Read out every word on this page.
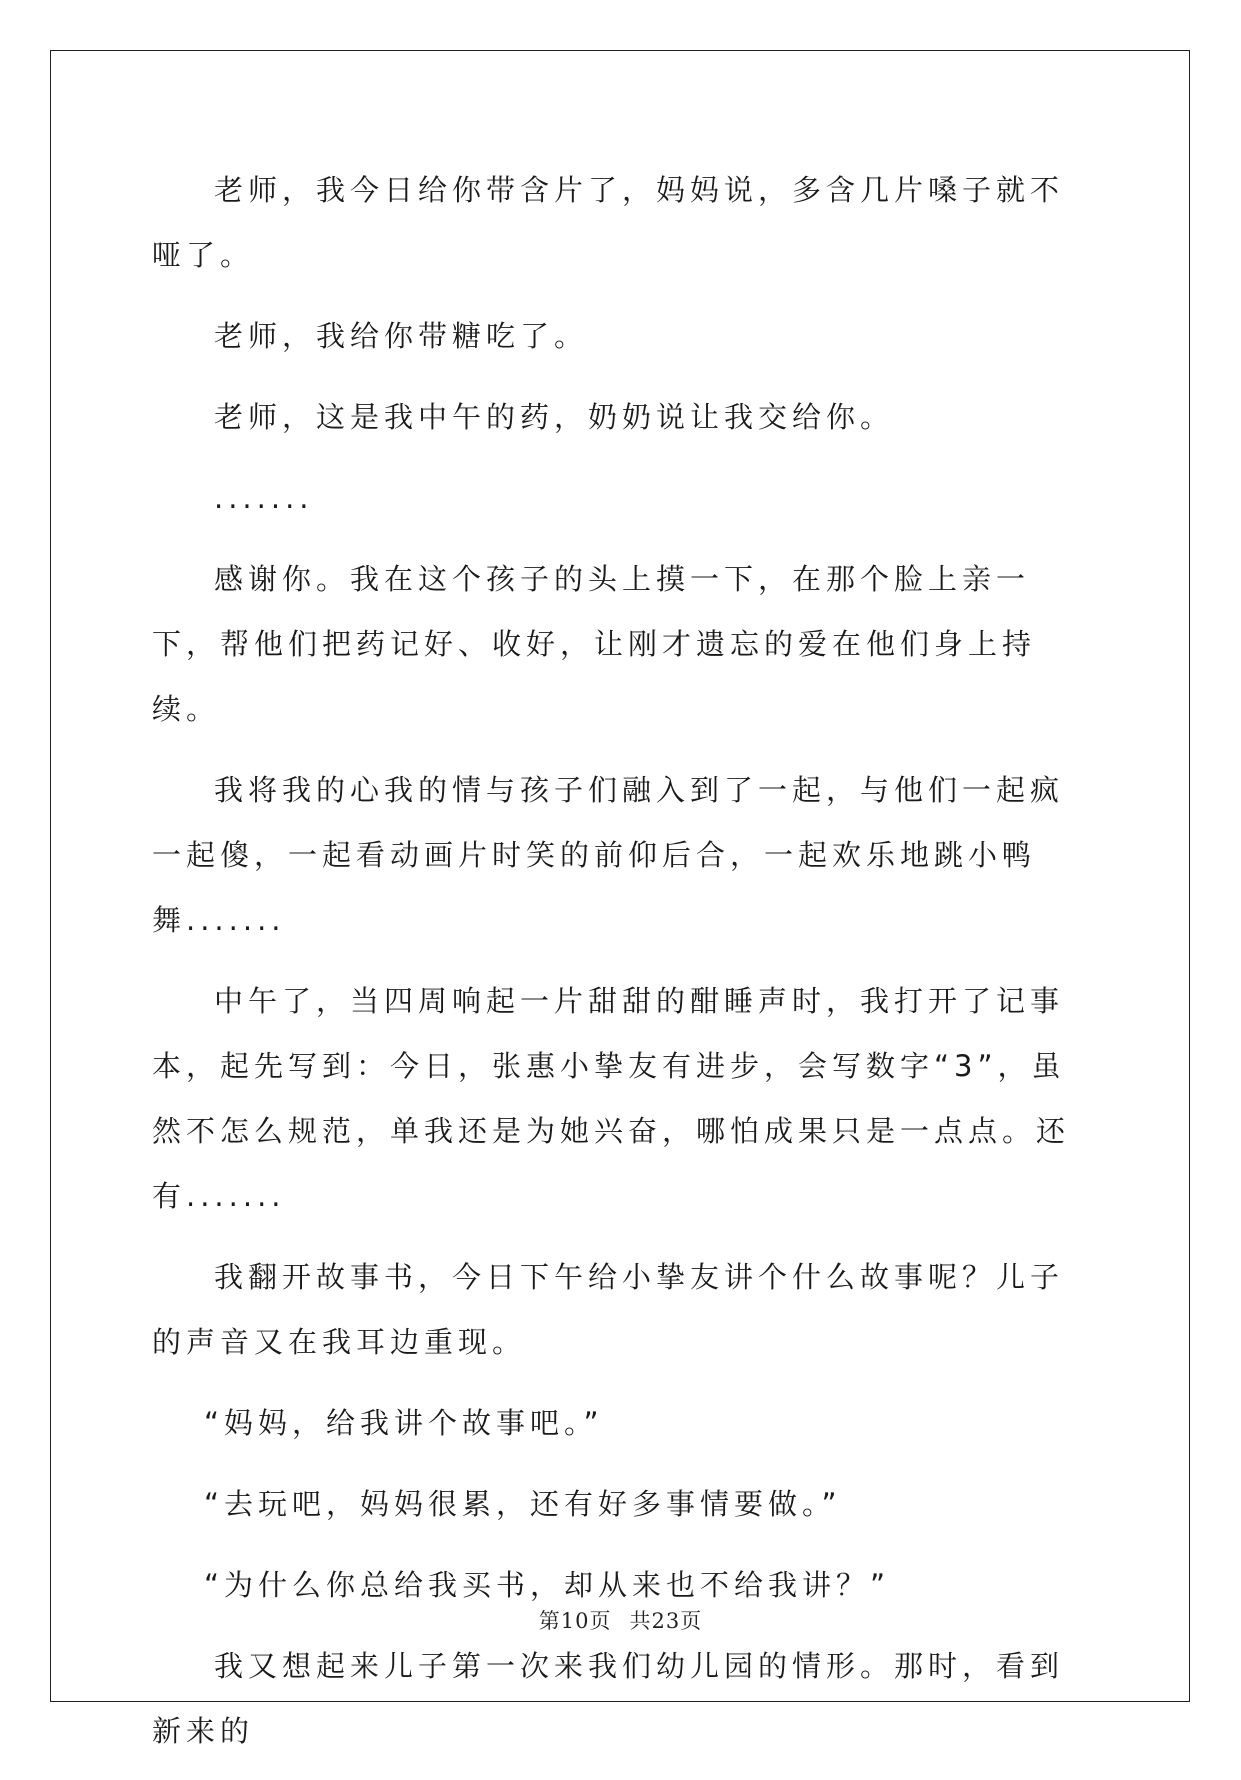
老师，我今日给你带含片了，妈妈说，多含几片嗓子就不哑了。

老师，我给你带糖吃了。

老师，这是我中午的药，奶奶说让我交给你。

.......

感谢你。我在这个孩子的头上摸一下，在那个脸上亲一下，帮他们把药记好、收好，让刚才遗忘的爱在他们身上持续。

我将我的心我的情与孩子们融入到了一起，与他们一起疯一起傻，一起看动画片时笑的前仰后合，一起欢乐地跳小鸭舞.......

中午了，当四周响起一片甜甜的酣睡声时，我打开了记事本，起先写到：今日，张惠小挚友有进步，会写数字“3”，虽然不怎么规范，单我还是为她兴奋，哪怕成果只是一点点。还有.......

我翻开故事书，今日下午给小挚友讲个什么故事呢？儿子的声音又在我耳边重现。

“妈妈，给我讲个故事吧。”

“去玩吧，妈妈很累，还有好多事情要做。”

“为什么你总给我买书，却从来也不给我讲？”

我又想起来儿子第一次来我们幼儿园的情形。那时，看到新来的

第10页 共23页
